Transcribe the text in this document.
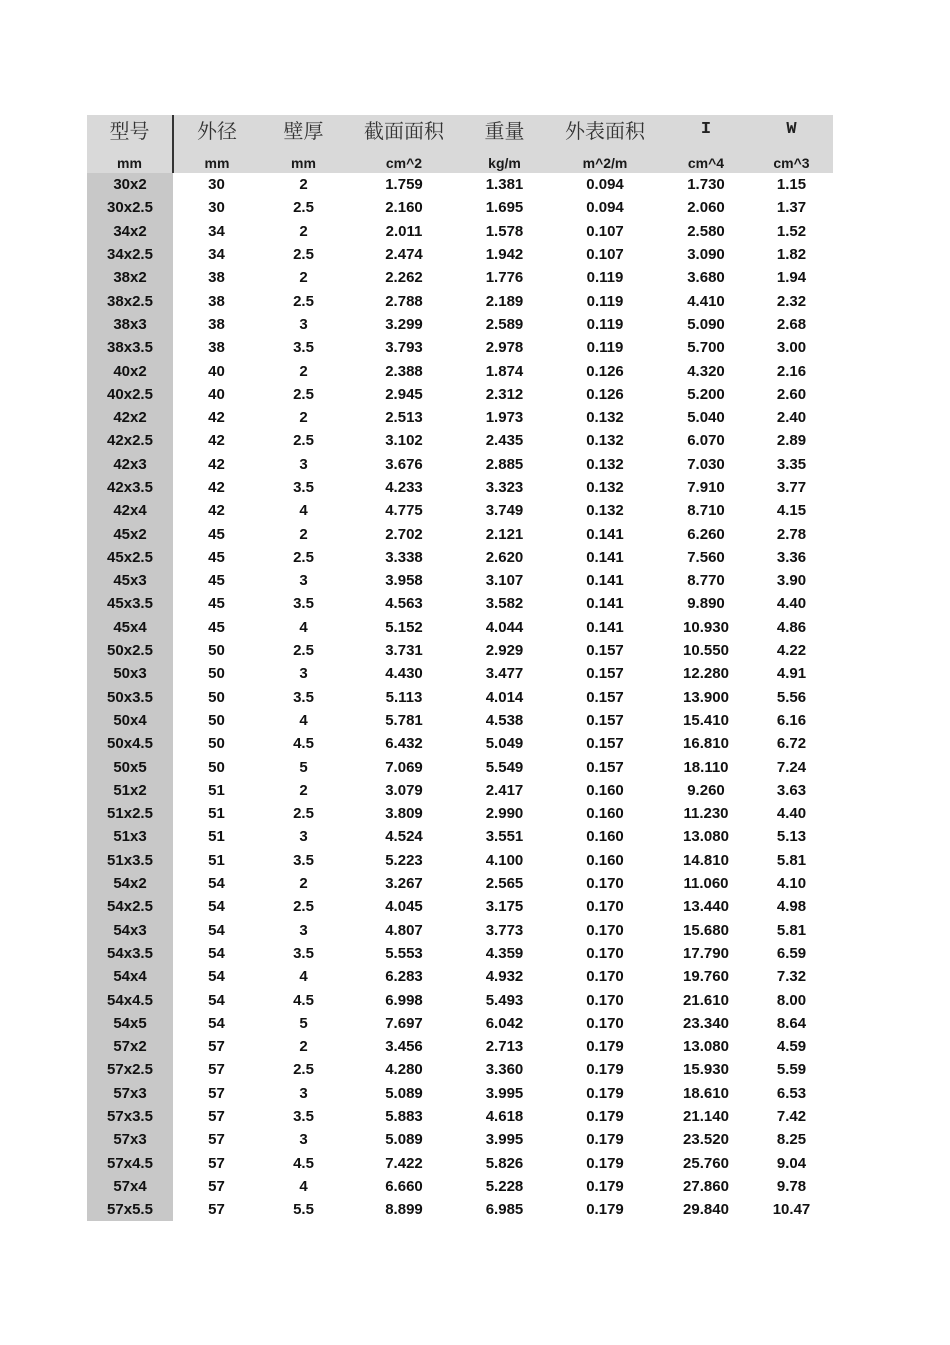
型号	外径	壁厚	截面面积	重量	外表面积	I	W
mm	mm	mm	cm^2	kg/m	m^2/m	cm^4	cm^3
30x2	30	2	1.759	1.381	0.094	1.730	1.15
30x2.5	30	2.5	2.160	1.695	0.094	2.060	1.37
34x2	34	2	2.011	1.578	0.107	2.580	1.52
34x2.5	34	2.5	2.474	1.942	0.107	3.090	1.82
38x2	38	2	2.262	1.776	0.119	3.680	1.94
38x2.5	38	2.5	2.788	2.189	0.119	4.410	2.32
38x3	38	3	3.299	2.589	0.119	5.090	2.68
38x3.5	38	3.5	3.793	2.978	0.119	5.700	3.00
40x2	40	2	2.388	1.874	0.126	4.320	2.16
40x2.5	40	2.5	2.945	2.312	0.126	5.200	2.60
42x2	42	2	2.513	1.973	0.132	5.040	2.40
42x2.5	42	2.5	3.102	2.435	0.132	6.070	2.89
42x3	42	3	3.676	2.885	0.132	7.030	3.35
42x3.5	42	3.5	4.233	3.323	0.132	7.910	3.77
42x4	42	4	4.775	3.749	0.132	8.710	4.15
45x2	45	2	2.702	2.121	0.141	6.260	2.78
45x2.5	45	2.5	3.338	2.620	0.141	7.560	3.36
45x3	45	3	3.958	3.107	0.141	8.770	3.90
45x3.5	45	3.5	4.563	3.582	0.141	9.890	4.40
45x4	45	4	5.152	4.044	0.141	10.930	4.86
50x2.5	50	2.5	3.731	2.929	0.157	10.550	4.22
50x3	50	3	4.430	3.477	0.157	12.280	4.91
50x3.5	50	3.5	5.113	4.014	0.157	13.900	5.56
50x4	50	4	5.781	4.538	0.157	15.410	6.16
50x4.5	50	4.5	6.432	5.049	0.157	16.810	6.72
50x5	50	5	7.069	5.549	0.157	18.110	7.24
51x2	51	2	3.079	2.417	0.160	9.260	3.63
51x2.5	51	2.5	3.809	2.990	0.160	11.230	4.40
51x3	51	3	4.524	3.551	0.160	13.080	5.13
51x3.5	51	3.5	5.223	4.100	0.160	14.810	5.81
54x2	54	2	3.267	2.565	0.170	11.060	4.10
54x2.5	54	2.5	4.045	3.175	0.170	13.440	4.98
54x3	54	3	4.807	3.773	0.170	15.680	5.81
54x3.5	54	3.5	5.553	4.359	0.170	17.790	6.59
54x4	54	4	6.283	4.932	0.170	19.760	7.32
54x4.5	54	4.5	6.998	5.493	0.170	21.610	8.00
54x5	54	5	7.697	6.042	0.170	23.340	8.64
57x2	57	2	3.456	2.713	0.179	13.080	4.59
57x2.5	57	2.5	4.280	3.360	0.179	15.930	5.59
57x3	57	3	5.089	3.995	0.179	18.610	6.53
57x3.5	57	3.5	5.883	4.618	0.179	21.140	7.42
57x3	57	3	5.089	3.995	0.179	23.520	8.25
57x4.5	57	4.5	7.422	5.826	0.179	25.760	9.04
57x4	57	4	6.660	5.228	0.179	27.860	9.78
57x5.5	57	5.5	8.899	6.985	0.179	29.840	10.47
